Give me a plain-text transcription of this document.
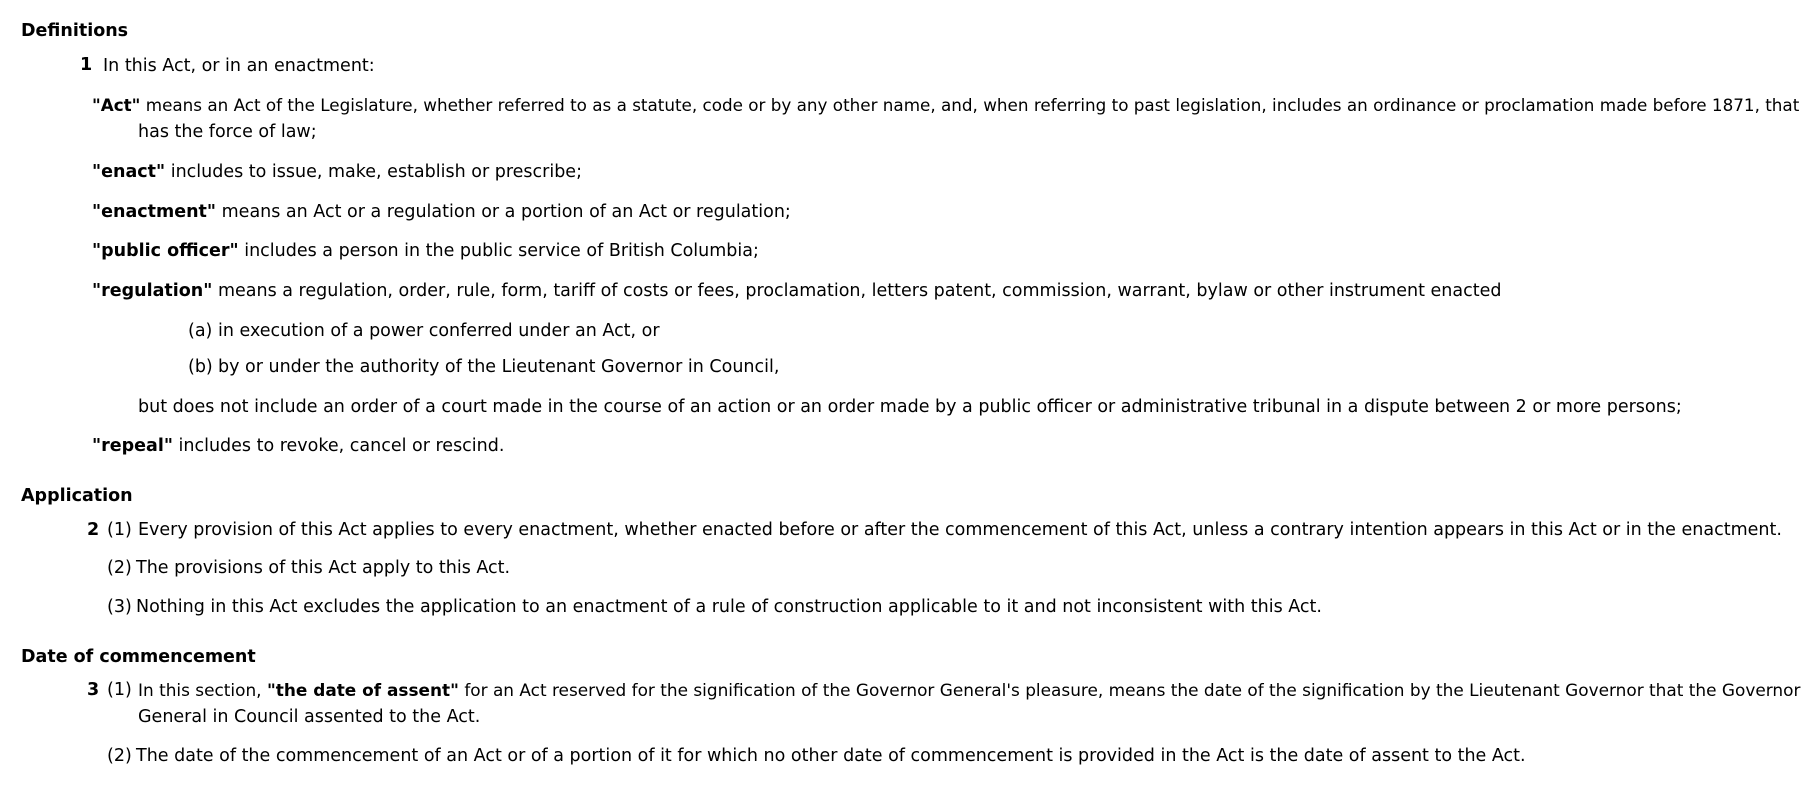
Definitions
1 In this Act, or in an enactment:
"Act" means an Act of the Legislature, whether referred to as a statute, code or by any other name, and, when referring to past legislation, includes an ordinance or proclamation made before 1871, that
has the force of law;
"enact" includes to issue, make, establish or prescribe;
"enactment" means an Act or a regulation or a portion of an Act or regulation;
"public officer" includes a person in the public service of British Columbia;
"regulation" means a regulation, order, rule, form, tariff of costs or fees, proclamation, letters patent, commission, warrant, bylaw or other instrument enacted
(a) in execution of a power conferred under an Act, or
(b) by or under the authority of the Lieutenant Governor in Council,
but does not include an order of a court made in the course of an action or an order made by a public officer or administrative tribunal in a dispute between 2 or more persons;
"repeal" includes to revoke, cancel or rescind.
Application
2 (1) Every provision of this Act applies to every enactment, whether enacted before or after the commencement of this Act, unless a contrary intention appears in this Act or in the enactment.
(2) The provisions of this Act apply to this Act.
(3) Nothing in this Act excludes the application to an enactment of a rule of construction applicable to it and not inconsistent with this Act.
Date of commencement
3 (1) In this section, "the date of assent" for an Act reserved for the signification of the Governor General's pleasure, means the date of the signification by the Lieutenant Governor that the Governor
General in Council assented to the Act.
(2) The date of the commencement of an Act or of a portion of it for which no other date of commencement is provided in the Act is the date of assent to the Act.
